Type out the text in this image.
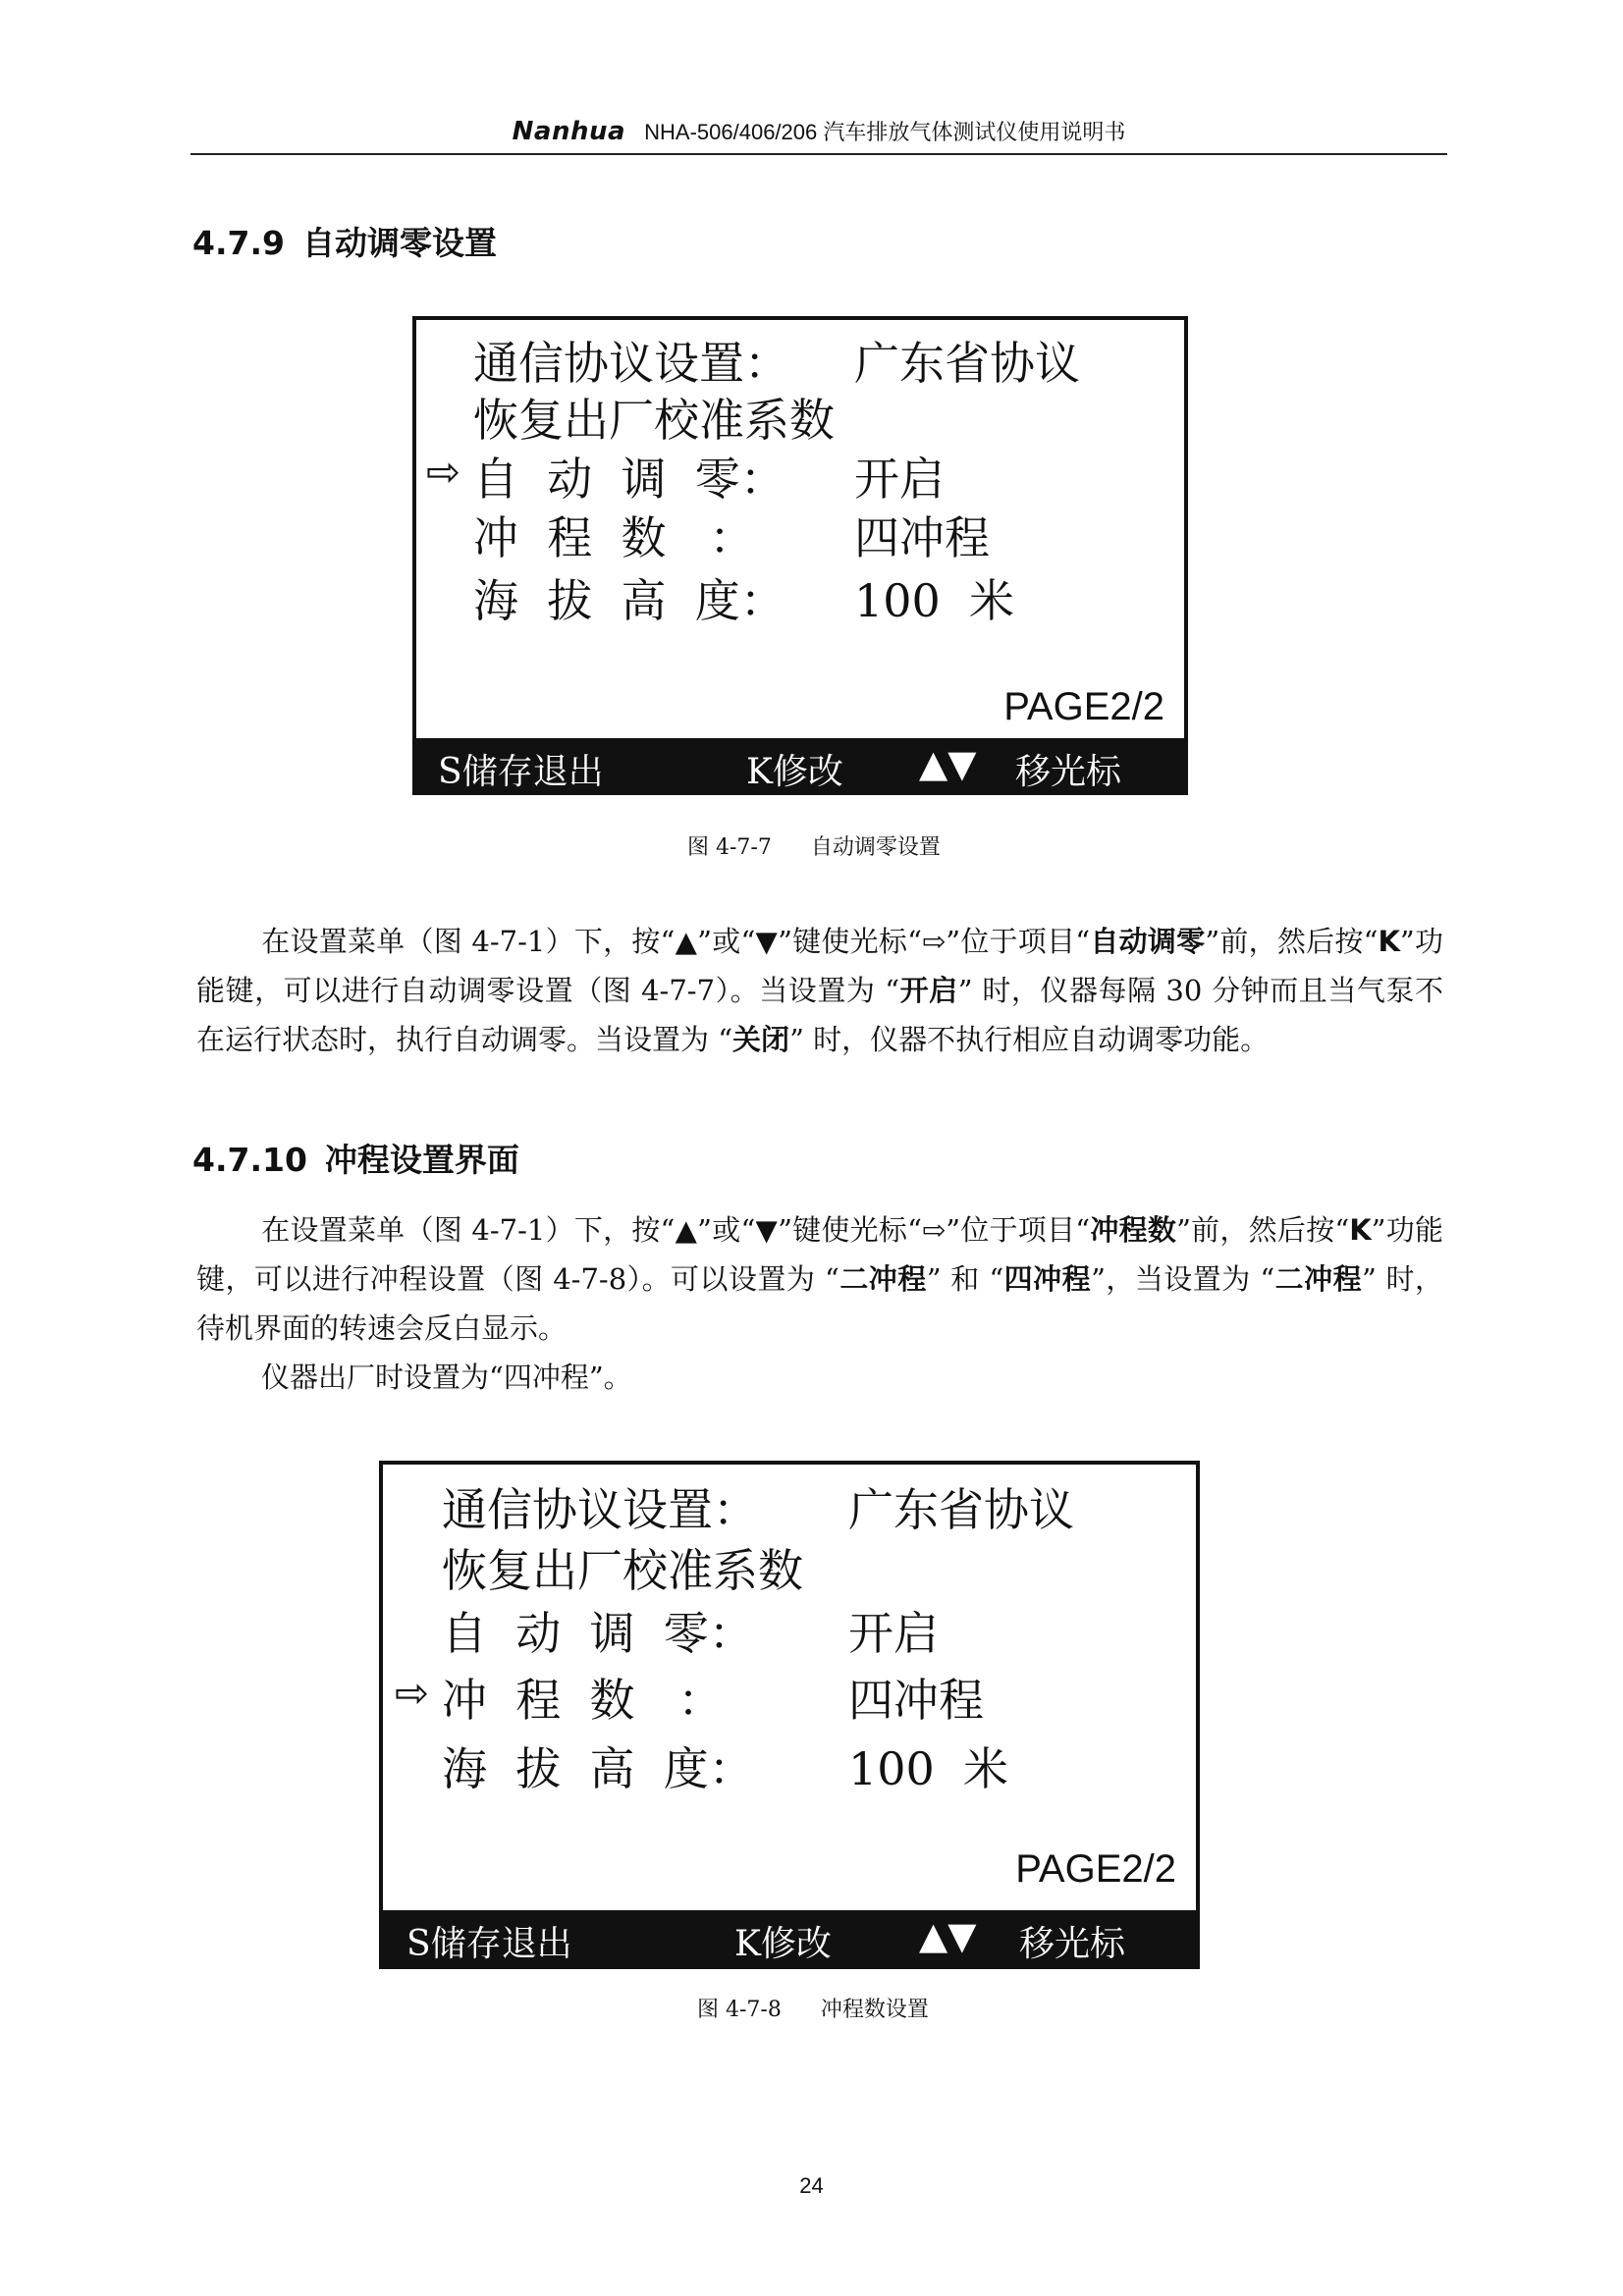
Nanhua NHA-506/406/206 汽车排放气体测试仪使用说明书
4.7.9 自动调零设置
通信协议设置： 广东省协议
恢复出厂校准系数
⇨ 自  动  调  零： 开启
冲  程  数   ： 四冲程
海  拔  高  度： 100  米
PAGE2/2
S储存退出	K修改 ▲▼ 移光标
图 4-7-7 自动调零设置

在设置菜单（图 4-7-1）下，按“▲”或“▼”键使光标“⇨”位于项目“自动调零”前，然后按“K”功能键，可以进行自动调零设置（图 4-7-7）。当设置为 “开启” 时，仪器每隔 30 分钟而且当气泵不在运行状态时，执行自动调零。当设置为 “关闭” 时，仪器不执行相应自动调零功能。

4.7.10 冲程设置界面

在设置菜单（图 4-7-1）下，按“▲”或“▼”键使光标“⇨”位于项目“冲程数”前，然后按“K”功能键，可以进行冲程设置（图 4-7-8）。可以设置为 “二冲程” 和 “四冲程”，当设置为 “二冲程” 时，待机界面的转速会反白显示。

仪器出厂时设置为“四冲程”。

通信协议设置： 广东省协议
恢复出厂校准系数
自  动  调  零： 开启
⇨ 冲  程  数   ：	四冲程
海  拔  高  度： 100  米
PAGE2/2
S储存退出	K修改 ▲▼ 移光标
图 4-7-8 冲程数设置
24
